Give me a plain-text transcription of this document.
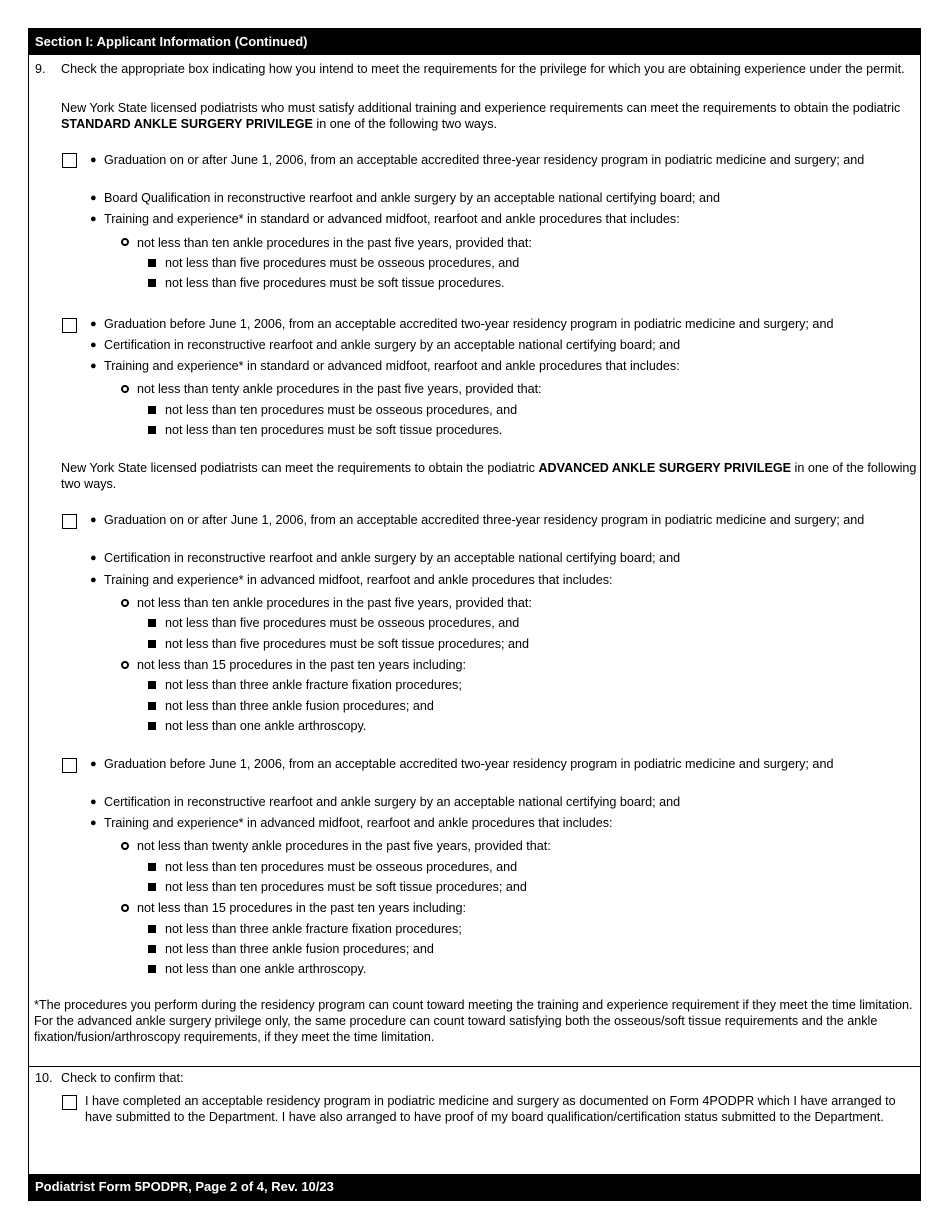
Section I: Applicant Information (Continued)
9. Check the appropriate box indicating how you intend to meet the requirements for the privilege for which you are obtaining experience under the permit.
New York State licensed podiatrists who must satisfy additional training and experience requirements can meet the requirements to obtain the podiatric STANDARD ANKLE SURGERY PRIVILEGE in one of the following two ways.
● Graduation on or after June 1, 2006, from an acceptable accredited three-year residency program in podiatric medicine and surgery; and
● Board Qualification in reconstructive rearfoot and ankle surgery by an acceptable national certifying board; and
● Training and experience* in standard or advanced midfoot, rearfoot and ankle procedures that includes:
not less than ten ankle procedures in the past five years, provided that:
not less than five procedures must be osseous procedures, and
not less than five procedures must be soft tissue procedures.
● Graduation before June 1, 2006, from an acceptable accredited two-year residency program in podiatric medicine and surgery; and
● Certification in reconstructive rearfoot and ankle surgery by an acceptable national certifying board; and
● Training and experience* in standard or advanced midfoot, rearfoot and ankle procedures that includes:
not less than tenty ankle procedures in the past five years, provided that:
not less than ten procedures must be osseous procedures, and
not less than ten procedures must be soft tissue procedures.
New York State licensed podiatrists can meet the requirements to obtain the podiatric ADVANCED ANKLE SURGERY PRIVILEGE in one of the following two ways.
● Graduation on or after June 1, 2006, from an acceptable accredited three-year residency program in podiatric medicine and surgery; and
● Certification in reconstructive rearfoot and ankle surgery by an acceptable national certifying board; and
● Training and experience* in advanced midfoot, rearfoot and ankle procedures that includes:
not less than ten ankle procedures in the past five years, provided that:
not less than five procedures must be osseous procedures, and
not less than five procedures must be soft tissue procedures; and
not less than 15 procedures in the past ten years including:
not less than three ankle fracture fixation procedures;
not less than three ankle fusion procedures; and
not less than one ankle arthroscopy.
● Graduation before June 1, 2006, from an acceptable accredited two-year residency program in podiatric medicine and surgery; and
● Certification in reconstructive rearfoot and ankle surgery by an acceptable national certifying board; and
● Training and experience* in advanced midfoot, rearfoot and ankle procedures that includes:
not less than twenty ankle procedures in the past five years, provided that:
not less than ten procedures must be osseous procedures, and
not less than ten procedures must be soft tissue procedures; and
not less than 15 procedures in the past ten years including:
not less than three ankle fracture fixation procedures;
not less than three ankle fusion procedures; and
not less than one ankle arthroscopy.
*The procedures you perform during the residency program can count toward meeting the training and experience requirement if they meet the time limitation. For the advanced ankle surgery privilege only, the same procedure can count toward satisfying both the osseous/soft tissue requirements and the ankle fixation/fusion/arthroscopy requirements, if they meet the time limitation.
10. Check to confirm that:
I have completed an acceptable residency program in podiatric medicine and surgery as documented on Form 4PODPR which I have arranged to have submitted to the Department. I have also arranged to have proof of my board qualification/certification status submitted to the Department.
Podiatrist Form 5PODPR, Page 2 of 4, Rev. 10/23
